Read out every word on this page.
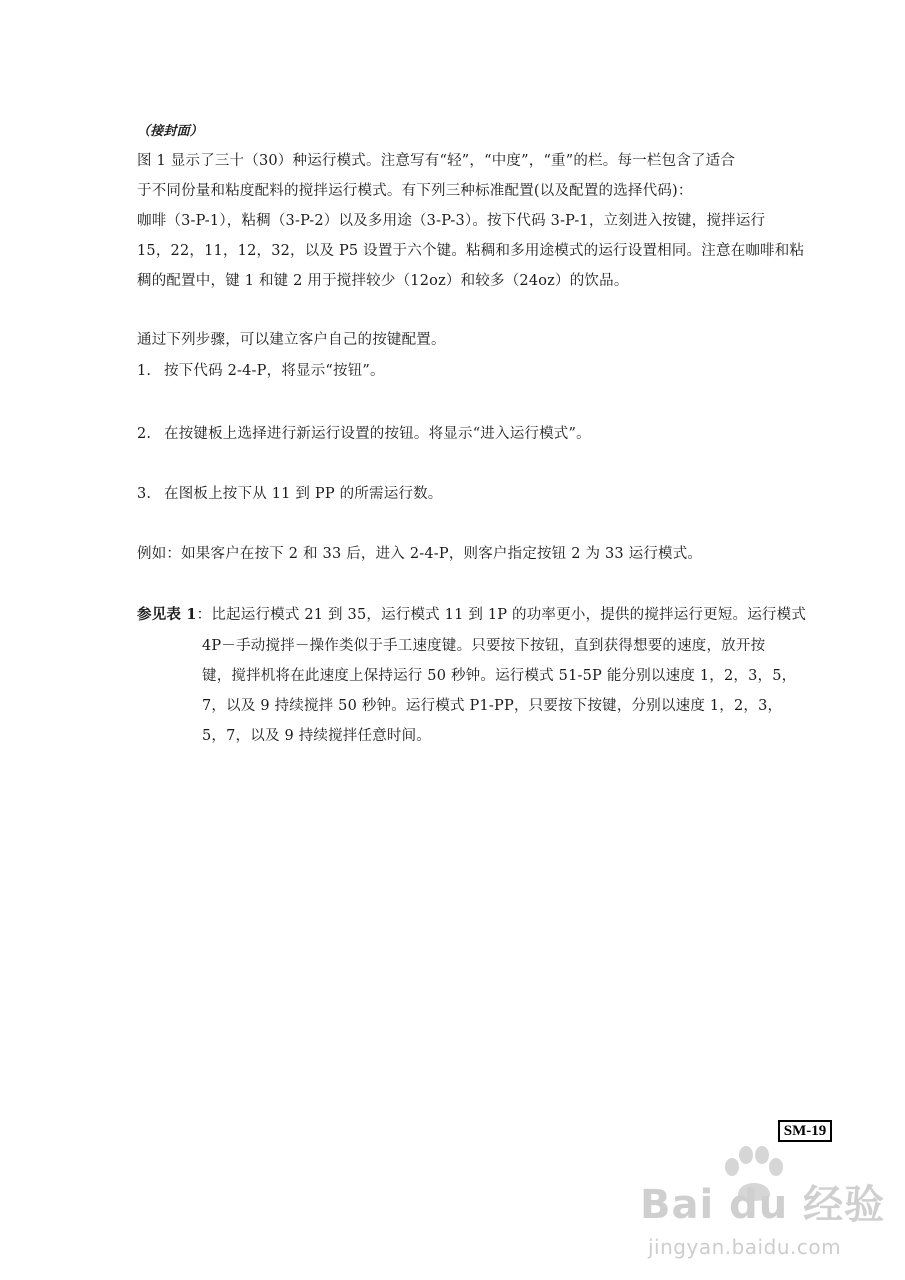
（接封面）
图 1 显示了三十（30）种运行模式。注意写有“轻”，“中度”，“重”的栏。每一栏包含了适合
于不同份量和粘度配料的搅拌运行模式。有下列三种标准配置(以及配置的选择代码)：
咖啡（3-P-1），粘稠（3-P-2）以及多用途（3-P-3）。按下代码 3-P-1，立刻进入按键，搅拌运行
15，22，11，12，32，以及 P5 设置于六个键。粘稠和多用途模式的运行设置相同。注意在咖啡和粘
稠的配置中，键 1 和键 2 用于搅拌较少（12oz）和较多（24oz）的饮品。
通过下列步骤，可以建立客户自己的按键配置。
1. 按下代码 2-4-P，将显示“按钮”。
2. 在按键板上选择进行新运行设置的按钮。将显示“进入运行模式”。
3. 在图板上按下从 11 到 PP 的所需运行数。
例如：如果客户在按下 2 和 33 后，进入 2-4-P，则客户指定按钮 2 为 33 运行模式。
参见表 1：比起运行模式 21 到 35，运行模式 11 到 1P 的功率更小，提供的搅拌运行更短。运行模式
4P－手动搅拌－操作类似于手工速度键。只要按下按钮，直到获得想要的速度，放开按
键，搅拌机将在此速度上保持运行 50 秒钟。运行模式 51-5P 能分别以速度 1，2，3，5，
7，以及 9 持续搅拌 50 秒钟。运行模式 P1-PP，只要按下按键，分别以速度 1，2，3，
5，7，以及 9 持续搅拌任意时间。
SM-19
Bai du 经验
jingyan.baidu.com
